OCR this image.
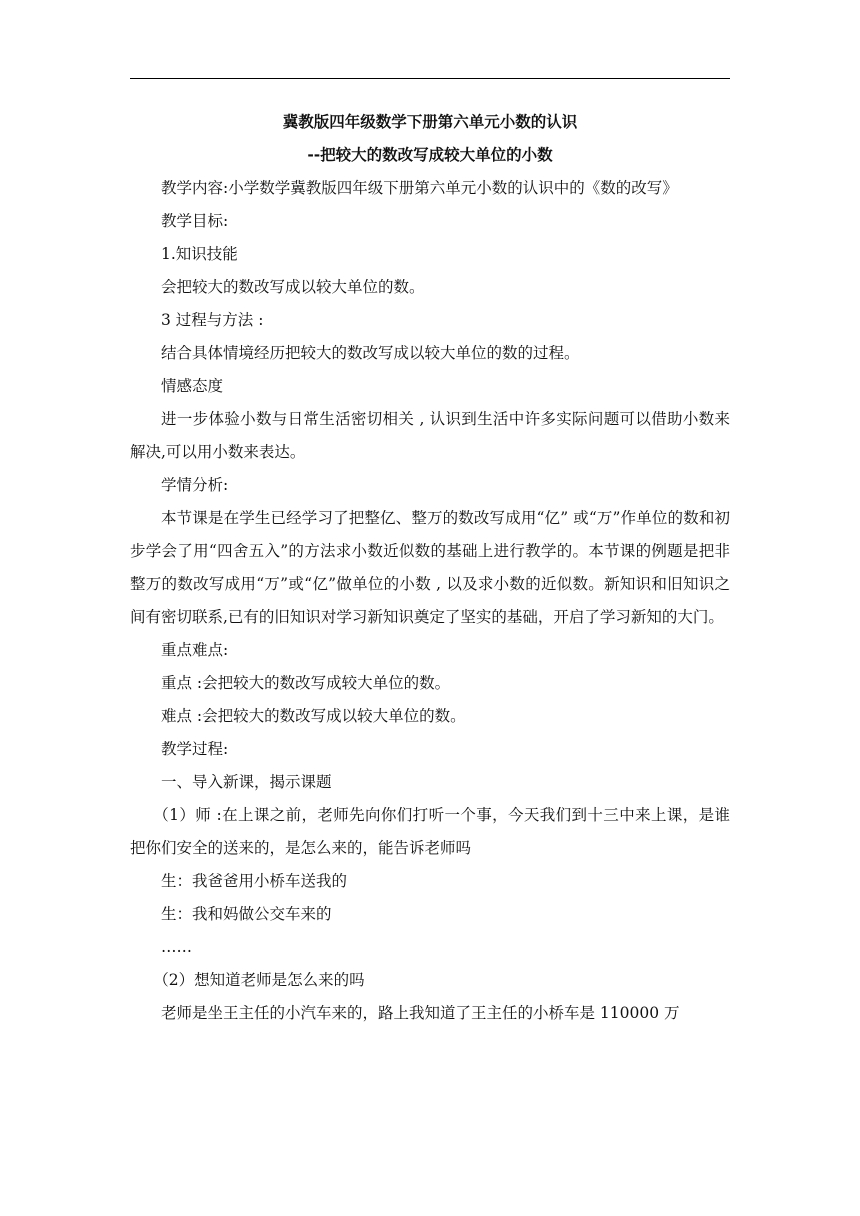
冀教版四年级数学下册第六单元小数的认识

--把较大的数改写成较大单位的小数

教学内容:小学数学冀教版四年级下册第六单元小数的认识中的《数的改写》

教学目标:

1.知识技能

会把较大的数改写成以较大单位的数。

3 过程与方法 :

结合具体情境经历把较大的数改写成以较大单位的数的过程。

情感态度

进一步体验小数与日常生活密切相关 , 认识到生活中许多实际问题可以借助小数来解决,可以用小数来表达。

学情分析:

本节课是在学生已经学习了把整亿、整万的数改写成用“亿” 或“万”作单位的数和初步学会了用“四舍五入”的方法求小数近似数的基础上进行教学的。本节课的例题是把非整万的数改写成用“万”或“亿”做单位的小数 , 以及求小数的近似数。新知识和旧知识之间有密切联系,已有的旧知识对学习新知识奠定了坚实的基础，开启了学习新知的大门。

重点难点:

重点 :会把较大的数改写成较大单位的数。

难点 :会把较大的数改写成以较大单位的数。

教学过程:

一、导入新课，揭示课题

（1）师 :在上课之前，老师先向你们打听一个事，今天我们到十三中来上课，是谁把你们安全的送来的，是怎么来的，能告诉老师吗

生：我爸爸用小桥车送我的

生：我和妈做公交车来的

……

（2）想知道老师是怎么来的吗

老师是坐王主任的小汽车来的，路上我知道了王主任的小桥车是 110000 万
